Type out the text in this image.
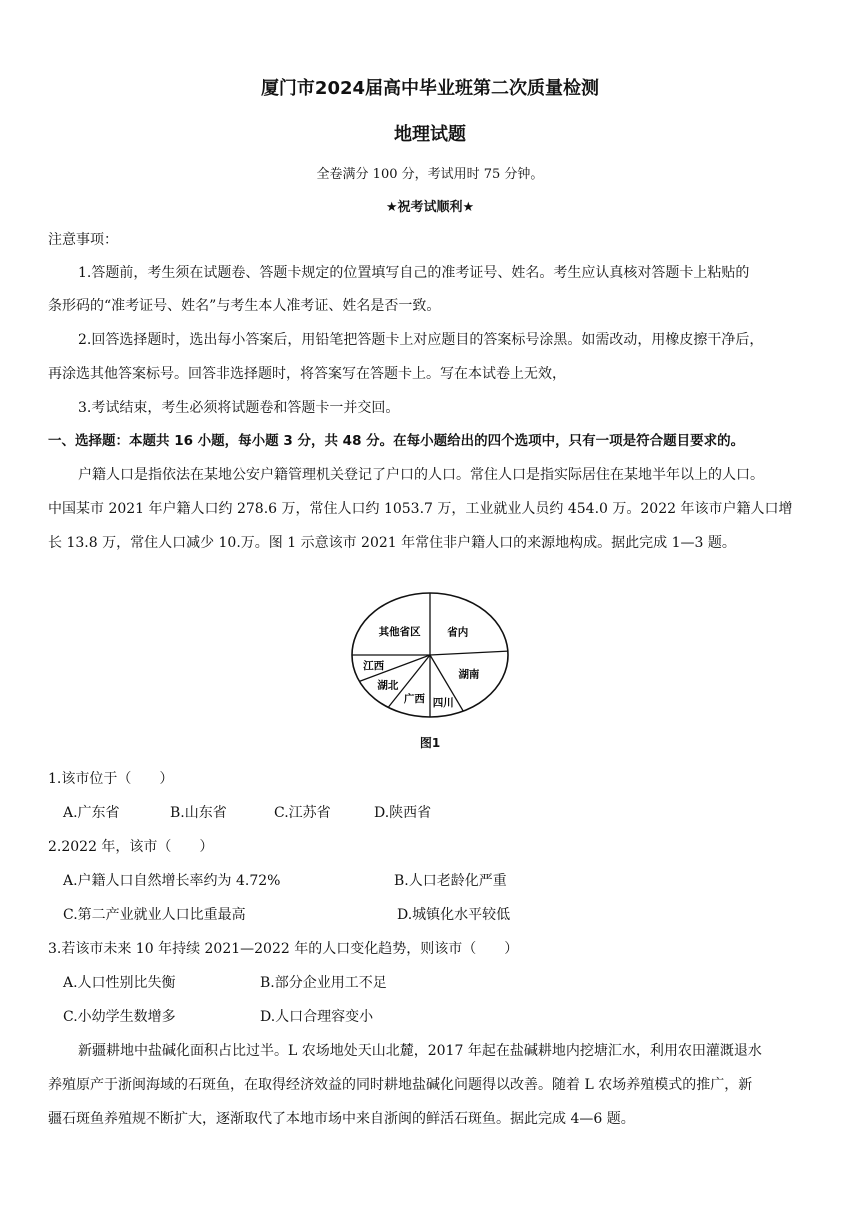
厦门市2024届高中毕业班第二次质量检测
地理试题
全卷满分 100 分，考试用时 75 分钟。
★祝考试顺利★
注意事项：
1.答题前，考生须在试题卷、答题卡规定的位置填写自己的准考证号、姓名。考生应认真核对答题卡上粘贴的
条形码的“准考证号、姓名”与考生本人准考证、姓名是否一致。
2.回答选择题时，选出每小答案后，用铅笔把答题卡上对应题目的答案标号涂黑。如需改动，用橡皮擦干净后，
再涂选其他答案标号。回答非选择题时，将答案写在答题卡上。写在本试卷上无效，
3.考试结束，考生必须将试题卷和答题卡一并交回。
一、选择题：本题共 16 小题，每小题 3 分，共 48 分。在每小题给出的四个选项中，只有一项是符合题目要求的。
户籍人口是指依法在某地公安户籍管理机关登记了户口的人口。常住人口是指实际居住在某地半年以上的人口。
中国某市 2021 年户籍人口约 278.6 万，常住人口约 1053.7 万，工业就业人员约 454.0 万。2022 年该市户籍人口增
长 13.8 万，常住人口减少 10.万。图 1 示意该市 2021 年常住非户籍人口的来源地构成。据此完成 1—3 题。
省内
湖南
四川
广西
湖北
江西
其他省区
图1
1.该市位于（　　）
A.广东省	B.山东省	C.江苏省	D.陕西省
2.2022 年，该市（　　）
A.户籍人口自然增长率约为 4.72%	B.人口老龄化严重
C.第二产业就业人口比重最高	D.城镇化水平较低
3.若该市未来 10 年持续 2021—2022 年的人口变化趋势，则该市（　　）
A.人口性别比失衡	B.部分企业用工不足
C.小幼学生数增多	D.人口合理容变小
新疆耕地中盐碱化面积占比过半。L 农场地处天山北麓，2017 年起在盐碱耕地内挖塘汇水，利用农田灌溉退水
养殖原产于浙闽海域的石斑鱼，在取得经济效益的同时耕地盐碱化问题得以改善。随着 L 农场养殖模式的推广，新
疆石斑鱼养殖规不断扩大，逐渐取代了本地市场中来自浙闽的鲜活石斑鱼。据此完成 4—6 题。
